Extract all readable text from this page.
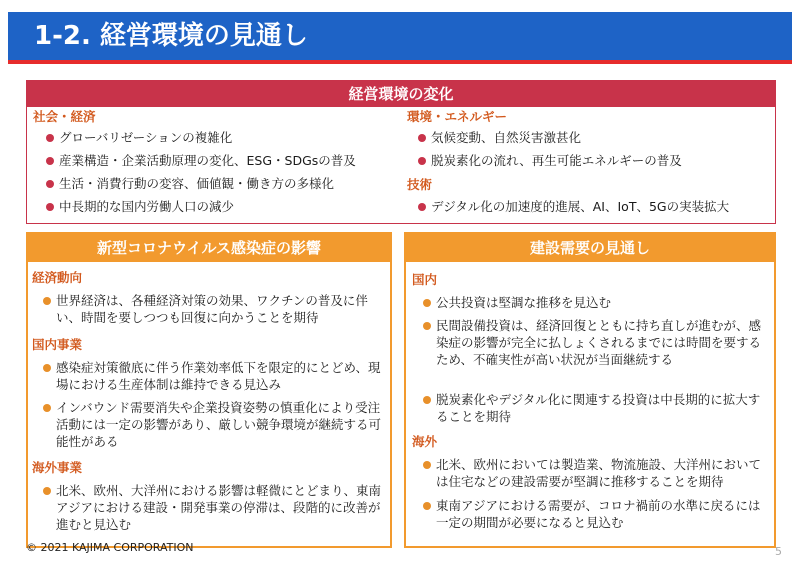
1-2. 経営環境の見通し
経営環境の変化
社会・経済
グローバリゼーションの複雑化
産業構造・企業活動原理の変化、ESG・SDGsの普及
生活・消費行動の変容、価値観・働き方の多様化
中長期的な国内労働人口の減少
環境・エネルギー
気候変動、自然災害激甚化
脱炭素化の流れ、再生可能エネルギーの普及
技術
デジタル化の加速度的進展、AI、IoT、5Gの実装拡大
新型コロナウイルス感染症の影響
経済動向
世界経済は、各種経済対策の効果、ワクチンの普及に伴い、時間を要しつつも回復に向かうことを期待
国内事業
感染症対策徹底に伴う作業効率低下を限定的にとどめ、現場における生産体制は維持できる見込み
インバウンド需要消失や企業投資姿勢の慎重化により受注活動には一定の影響があり、厳しい競争環境が継続する可能性がある
海外事業
北米、欧州、大洋州における影響は軽微にとどまり、東南アジアにおける建設・開発事業の停滞は、段階的に改善が進むと見込む
建設需要の見通し
国内
公共投資は堅調な推移を見込む
民間設備投資は、経済回復とともに持ち直しが進むが、感染症の影響が完全に払しょくされるまでには時間を要するため、不確実性が高い状況が当面継続する
脱炭素化やデジタル化に関連する投資は中長期的に拡大することを期待
海外
北米、欧州においては製造業、物流施設、大洋州においては住宅などの建設需要が堅調に推移することを期待
東南アジアにおける需要が、コロナ禍前の水準に戻るには一定の期間が必要になると見込む
© 2021 KAJIMA CORPORATION	5
